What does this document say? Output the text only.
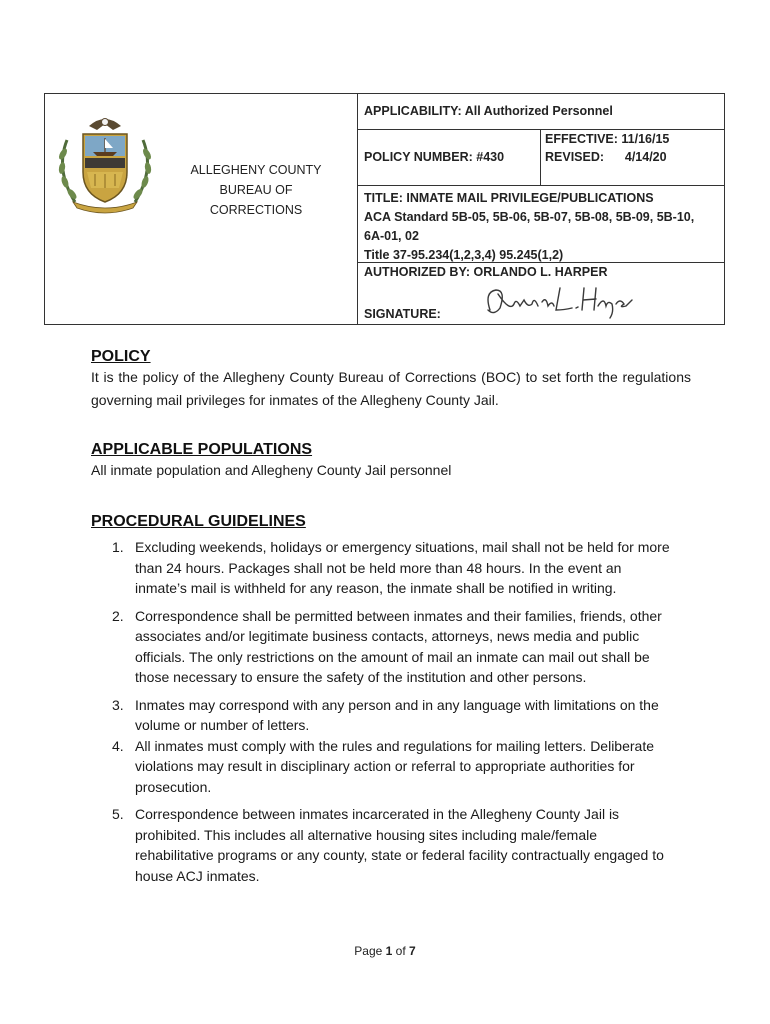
ALLEGHENY COUNTY
BUREAU OF CORRECTIONS
APPLICABILITY: All Authorized Personnel
POLICY NUMBER: #430
EFFECTIVE: 11/16/15
REVISED:      4/14/20
TITLE: INMATE MAIL PRIVILEGE/PUBLICATIONS
ACA Standard 5B-05, 5B-06, 5B-07, 5B-08, 5B-09, 5B-10,
6A-01, 02
Title 37-95.234(1,2,3,4) 95.245(1,2)
AUTHORIZED BY: ORLANDO L. HARPER
SIGNATURE:
POLICY
It is the policy of the Allegheny County Bureau of Corrections (BOC) to set forth the regulations governing mail privileges for inmates of the Allegheny County Jail.
APPLICABLE POPULATIONS
All inmate population and Allegheny County Jail personnel
PROCEDURAL GUIDELINES
1. Excluding weekends, holidays or emergency situations, mail shall not be held for more than 24 hours. Packages shall not be held more than 48 hours. In the event an inmate’s mail is withheld for any reason, the inmate shall be notified in writing.
2. Correspondence shall be permitted between inmates and their families, friends, other associates and/or legitimate business contacts, attorneys, news media and public officials. The only restrictions on the amount of mail an inmate can mail out shall be those necessary to ensure the safety of the institution and other persons.
3. Inmates may correspond with any person and in any language with limitations on the volume or number of letters.
4. All inmates must comply with the rules and regulations for mailing letters. Deliberate violations may result in disciplinary action or referral to appropriate authorities for prosecution.
5. Correspondence between inmates incarcerated in the Allegheny County Jail is prohibited. This includes all alternative housing sites including male/female rehabilitative programs or any county, state or federal facility contractually engaged to house ACJ inmates.
Page 1 of 7
